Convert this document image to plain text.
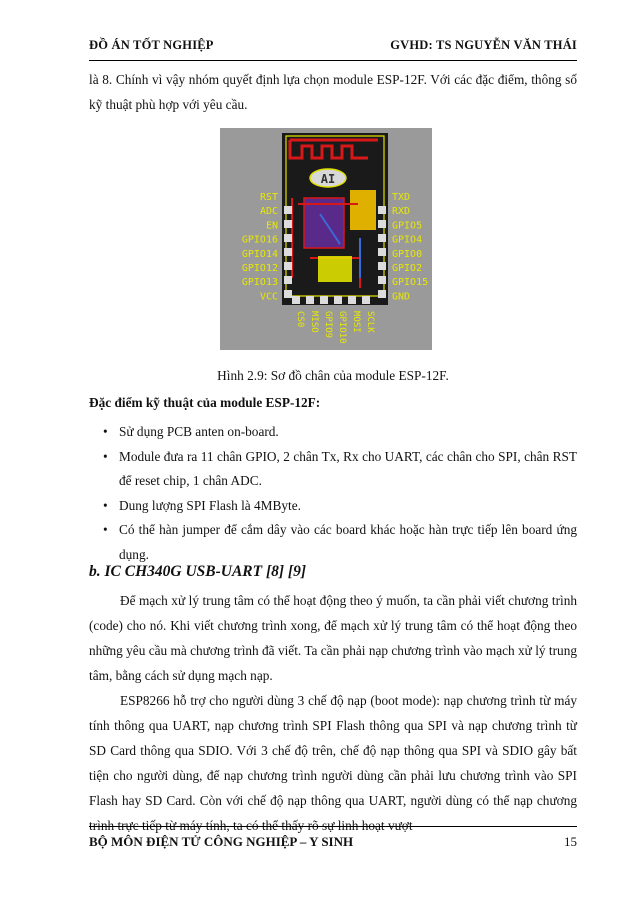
ĐỒ ÁN TỐT NGHIỆP	GVHD: TS NGUYỄN VĂN THÁI
là 8. Chính vì vậy nhóm quyết định lựa chọn module ESP-12F. Với các đặc điểm, thông số kỹ thuật phù hợp với yêu cầu.
AI
RST
ADC
EN
GPIO16
GPIO14
GPIO12
GPIO13
VCC
TXD
RXD
GPIO5
GPIO4
GPIO0
GPIO2
GPIO15
GND
CS0 MISO GPIO9 GPIO10 MOSI SCLK
Hình 2.9: Sơ đồ chân của module ESP-12F.
Đặc điểm kỹ thuật của module ESP-12F:
• Sử dụng PCB anten on-board.
• Module đưa ra 11 chân GPIO, 2 chân Tx, Rx cho UART, các chân cho SPI, chân RST để reset chip, 1 chân ADC.
• Dung lượng SPI Flash là 4MByte.
• Có thể hàn jumper để cắm dây vào các board khác hoặc hàn trực tiếp lên board ứng dụng.
b. IC CH340G USB-UART [8] [9]
Để mạch xử lý trung tâm có thể hoạt động theo ý muốn, ta cần phải viết chương trình (code) cho nó. Khi viết chương trình xong, để mạch xử lý trung tâm có thể hoạt động theo những yêu cầu mà chương trình đã viết. Ta cần phải nạp chương trình vào mạch xử lý trung tâm, bằng cách sử dụng mạch nạp.
ESP8266 hỗ trợ cho người dùng 3 chế độ nạp (boot mode): nạp chương trình từ máy tính thông qua UART, nạp chương trình SPI Flash thông qua SPI và nạp chương trình từ SD Card thông qua SDIO. Với 3 chế độ trên, chế độ nạp thông qua SPI và SDIO gây bất tiện cho người dùng, để nạp chương trình người dùng cần phải lưu chương trình vào SPI Flash hay SD Card. Còn với chế độ nạp thông qua UART, người dùng có thể nạp chương trình trực tiếp từ máy tính, ta có thể thấy rõ sự linh hoạt vượt
BỘ MÔN ĐIỆN TỬ CÔNG NGHIỆP – Y SINH	15
